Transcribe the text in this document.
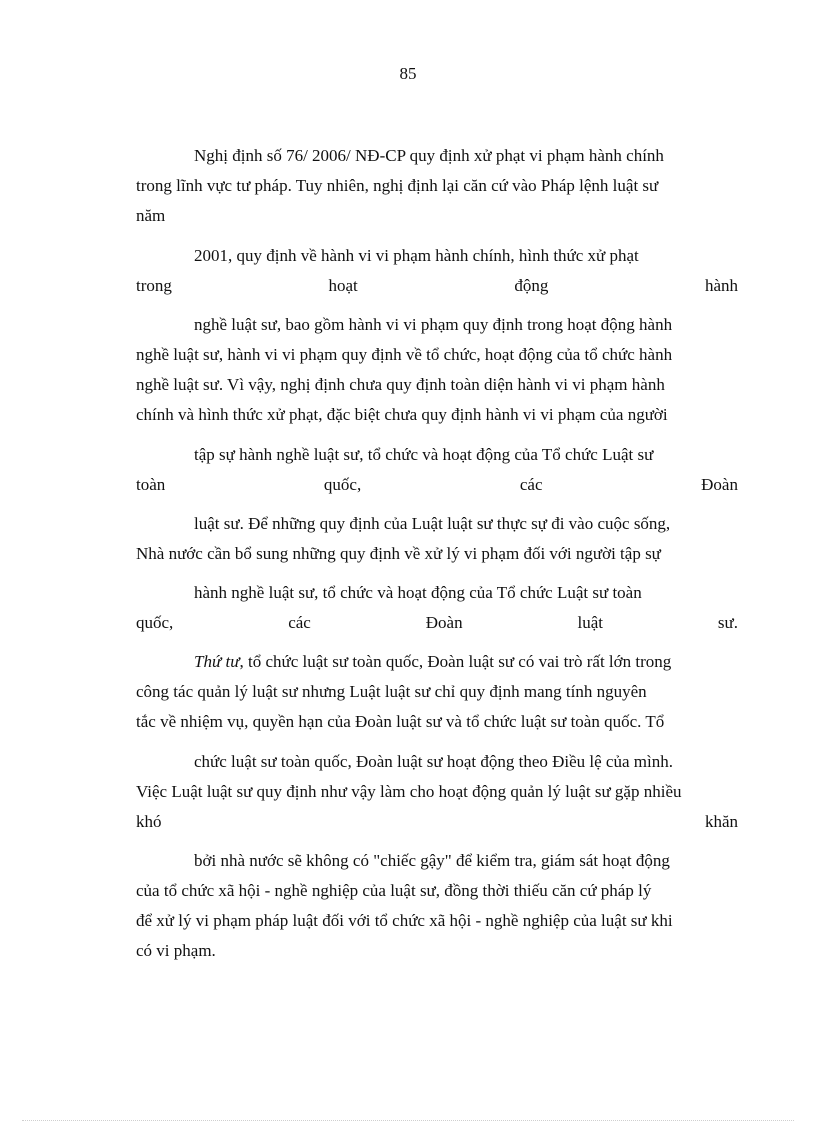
85
Nghị định số 76/ 2006/ NĐ-CP quy định xử phạt vi phạm hành chính
trong lĩnh vực tư pháp. Tuy nhiên, nghị định lại căn cứ vào Pháp lệnh luật sư
năm
2001, quy định về hành vi vi phạm hành chính, hình thức xử phạt
trong	hoạt	động	hành
nghề luật sư, bao gồm hành vi vi phạm quy định trong hoạt động hành
nghề luật sư, hành vi vi phạm quy định về tổ chức, hoạt động của tổ chức hành
nghề luật sư. Vì vậy, nghị định chưa quy định toàn diện hành vi vi phạm hành
chính và hình thức xử phạt, đặc biệt chưa quy định hành vi vi phạm của người
tập sự hành nghề luật sư, tổ chức và hoạt động của Tổ chức Luật sư
toàn	quốc,	các	Đoàn
luật sư. Để những quy định của Luật luật sư thực sự đi vào cuộc sống,
Nhà nước cần bổ sung những quy định về xử lý vi phạm đối với người tập sự
hành nghề luật sư, tổ chức và hoạt động của Tổ chức Luật sư toàn
quốc,	các	Đoàn	luật	sư.
Thứ tư, tổ chức luật sư toàn quốc, Đoàn luật sư có vai trò rất lớn trong
công tác quản lý luật sư nhưng Luật luật sư chỉ quy định mang tính nguyên
tắc về nhiệm vụ, quyền hạn của Đoàn luật sư và tổ chức luật sư toàn quốc. Tổ
chức luật sư toàn quốc, Đoàn luật sư hoạt động theo Điều lệ của mình.
Việc Luật luật sư quy định như vậy làm cho hoạt động quản lý luật sư gặp nhiều
khó	khăn
bởi nhà nước sẽ không có "chiếc gậy" để kiểm tra, giám sát hoạt động
của tổ chức xã hội - nghề nghiệp của luật sư, đồng thời thiếu căn cứ pháp lý
để xử lý vi phạm pháp luật đối với tổ chức xã hội - nghề nghiệp của luật sư khi
có vi phạm.
